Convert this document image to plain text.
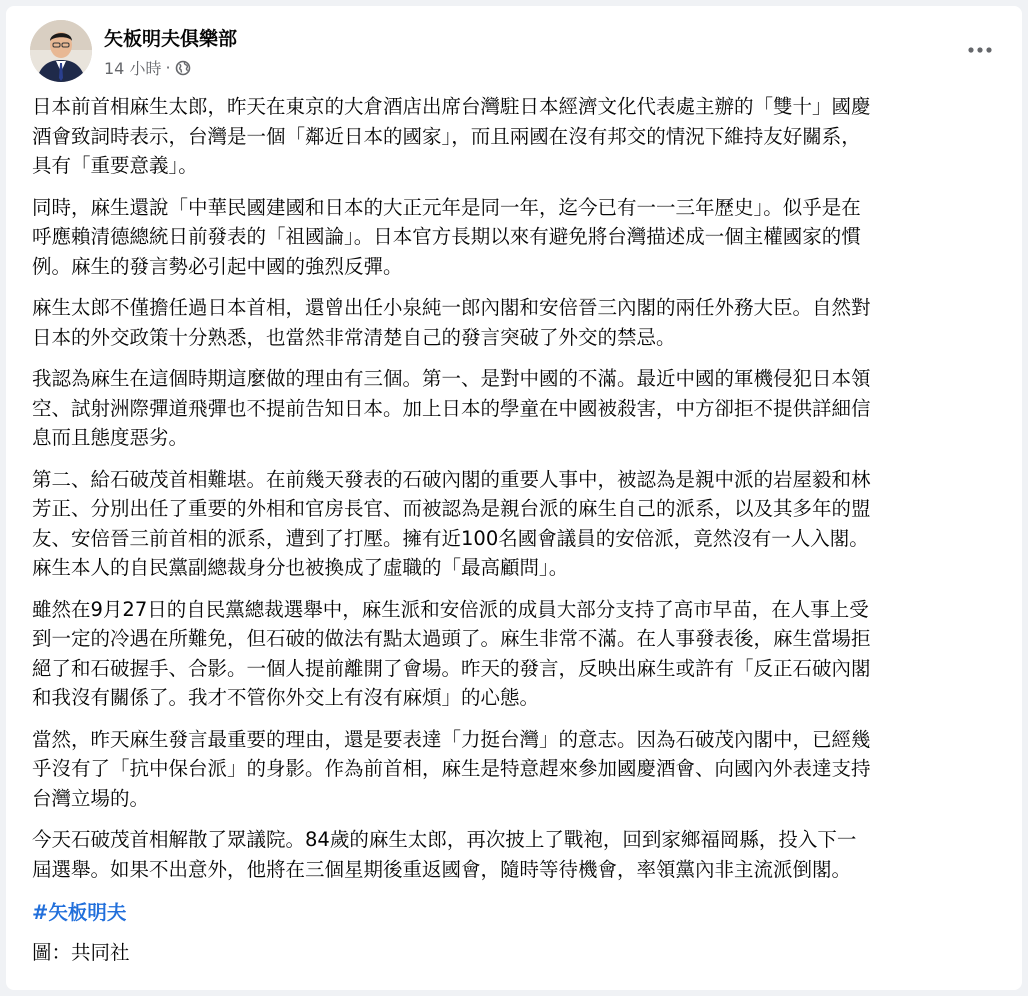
矢板明夫俱樂部
14 小時 ·

日本前首相麻生太郎，昨天在東京的大倉酒店出席台灣駐日本經濟文化代表處主辦的「雙十」國慶
酒會致詞時表示，台灣是一個「鄰近日本的國家」，而且兩國在沒有邦交的情況下維持友好關系，
具有「重要意義」。

同時，麻生還說「中華民國建國和日本的大正元年是同一年，迄今已有一一三年歷史」。似乎是在
呼應賴清德總統日前發表的「祖國論」。日本官方長期以來有避免將台灣描述成一個主權國家的慣
例。麻生的發言勢必引起中國的強烈反彈。

麻生太郎不僅擔任過日本首相，還曾出任小泉純一郎內閣和安倍晉三內閣的兩任外務大臣。自然對
日本的外交政策十分熟悉，也當然非常清楚自己的發言突破了外交的禁忌。

我認為麻生在這個時期這麼做的理由有三個。第一、是對中國的不滿。最近中國的軍機侵犯日本領
空、試射洲際彈道飛彈也不提前告知日本。加上日本的學童在中國被殺害，中方卻拒不提供詳細信
息而且態度惡劣。

第二、給石破茂首相難堪。在前幾天發表的石破內閣的重要人事中，被認為是親中派的岩屋毅和林
芳正、分別出任了重要的外相和官房長官、而被認為是親台派的麻生自己的派系，以及其多年的盟
友、安倍晉三前首相的派系，遭到了打壓。擁有近100名國會議員的安倍派，竟然沒有一人入閣。
麻生本人的自民黨副總裁身分也被換成了虛職的「最高顧問」。

雖然在9月27日的自民黨總裁選舉中，麻生派和安倍派的成員大部分支持了高市早苗，在人事上受
到一定的冷遇在所難免，但石破的做法有點太過頭了。麻生非常不滿。在人事發表後，麻生當場拒
絕了和石破握手、合影。一個人提前離開了會場。昨天的發言，反映出麻生或許有「反正石破內閣
和我沒有關係了。我才不管你外交上有沒有麻煩」的心態。

當然，昨天麻生發言最重要的理由，還是要表達「力挺台灣」的意志。因為石破茂內閣中，已經幾
乎沒有了「抗中保台派」的身影。作為前首相，麻生是特意趕來參加國慶酒會、向國內外表達支持
台灣立場的。

今天石破茂首相解散了眾議院。84歲的麻生太郎，再次披上了戰袍，回到家鄉福岡縣，投入下一
屆選舉。如果不出意外，他將在三個星期後重返國會，隨時等待機會，率領黨內非主流派倒閣。

#矢板明夫
圖：共同社
